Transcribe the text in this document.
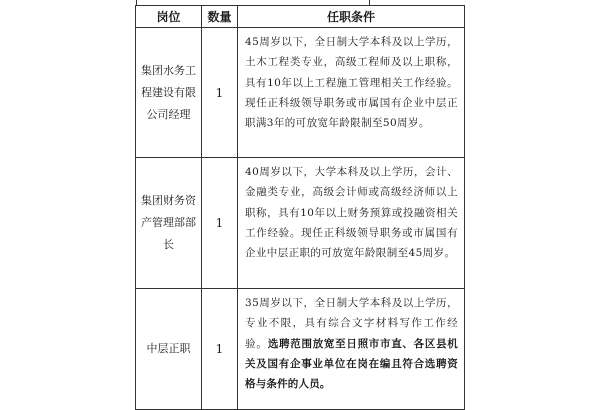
岗位	数量	任职条件
集团水务工程建设有限公司经理	1	45周岁以下，全日制大学本科及以上学历，土木工程类专业，高级工程师及以上职称，具有10年以上工程施工管理相关工作经验。现任正科级领导职务或市属国有企业中层正职满3年的可放宽年龄限制至50周岁。
集团财务资产管理部部长	1	40周岁以下，大学本科及以上学历，会计、金融类专业，高级会计师或高级经济师以上职称，具有10年以上财务预算或投融资相关工作经验。现任正科级领导职务或市属国有企业中层正职的可放宽年龄限制至45周岁。
中层正职	1	35周岁以下，全日制大学本科及以上学历，专业不限，具有综合文字材料写作工作经验。选聘范围放宽至日照市市直、各区县机关及国有企事业单位在岗在编且符合选聘资格与条件的人员。
